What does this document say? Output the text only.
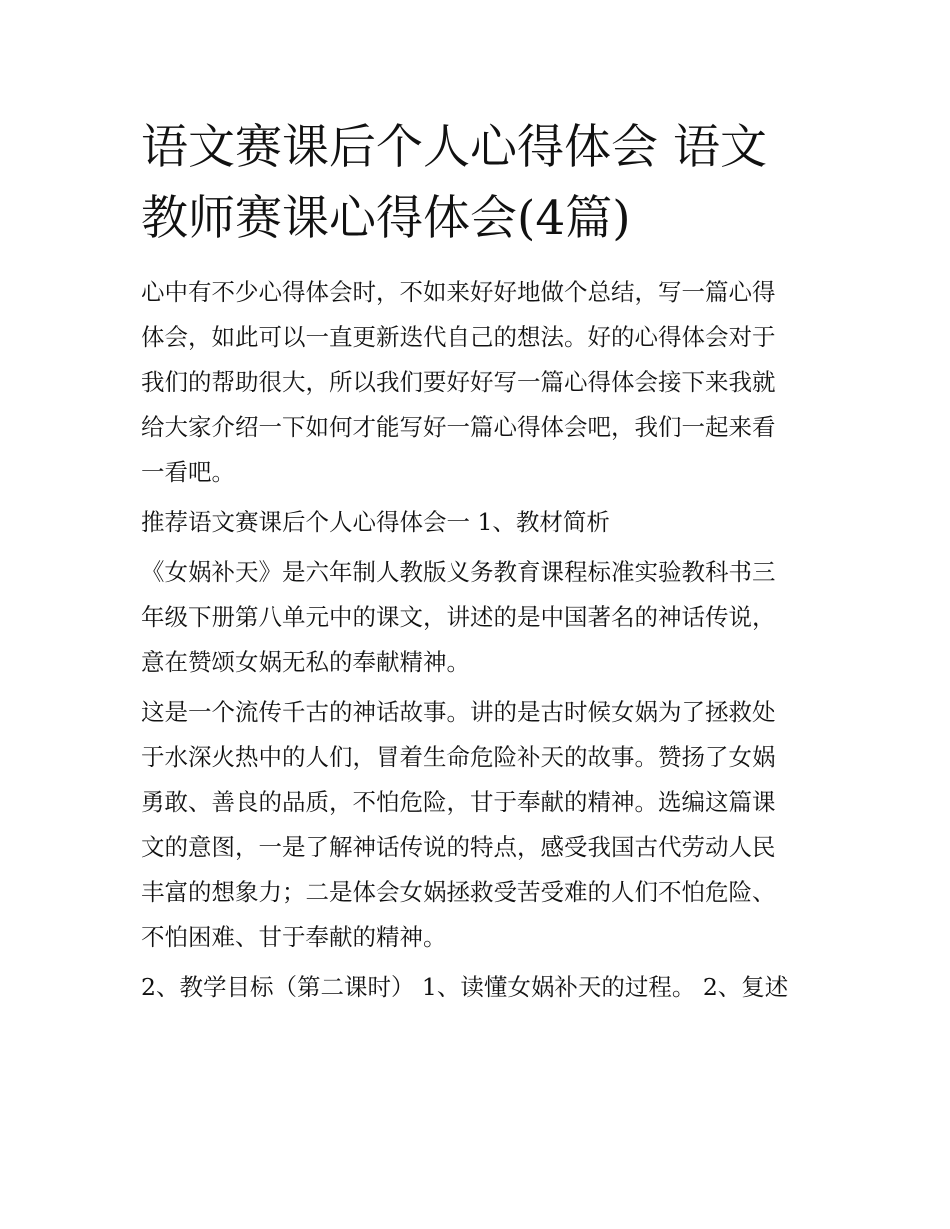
语文赛课后个人心得体会 语文
教师赛课心得体会(4篇)

心中有不少心得体会时，不如来好好地做个总结，写一篇心得
体会，如此可以一直更新迭代自己的想法。好的心得体会对于
我们的帮助很大，所以我们要好好写一篇心得体会接下来我就
给大家介绍一下如何才能写好一篇心得体会吧，我们一起来看
一看吧。

推荐语文赛课后个人心得体会一 1、教材简析

《女娲补天》是六年制人教版义务教育课程标准实验教科书三
年级下册第八单元中的课文，讲述的是中国著名的神话传说，
意在赞颂女娲无私的奉献精神。

这是一个流传千古的神话故事。讲的是古时候女娲为了拯救处
于水深火热中的人们，冒着生命危险补天的故事。赞扬了女娲
勇敢、善良的品质，不怕危险，甘于奉献的精神。选编这篇课
文的意图，一是了解神话传说的特点，感受我国古代劳动人民
丰富的想象力；二是体会女娲拯救受苦受难的人们不怕危险、
不怕困难、甘于奉献的精神。

2、教学目标（第二课时） 1、读懂女娲补天的过程。 2、复述
